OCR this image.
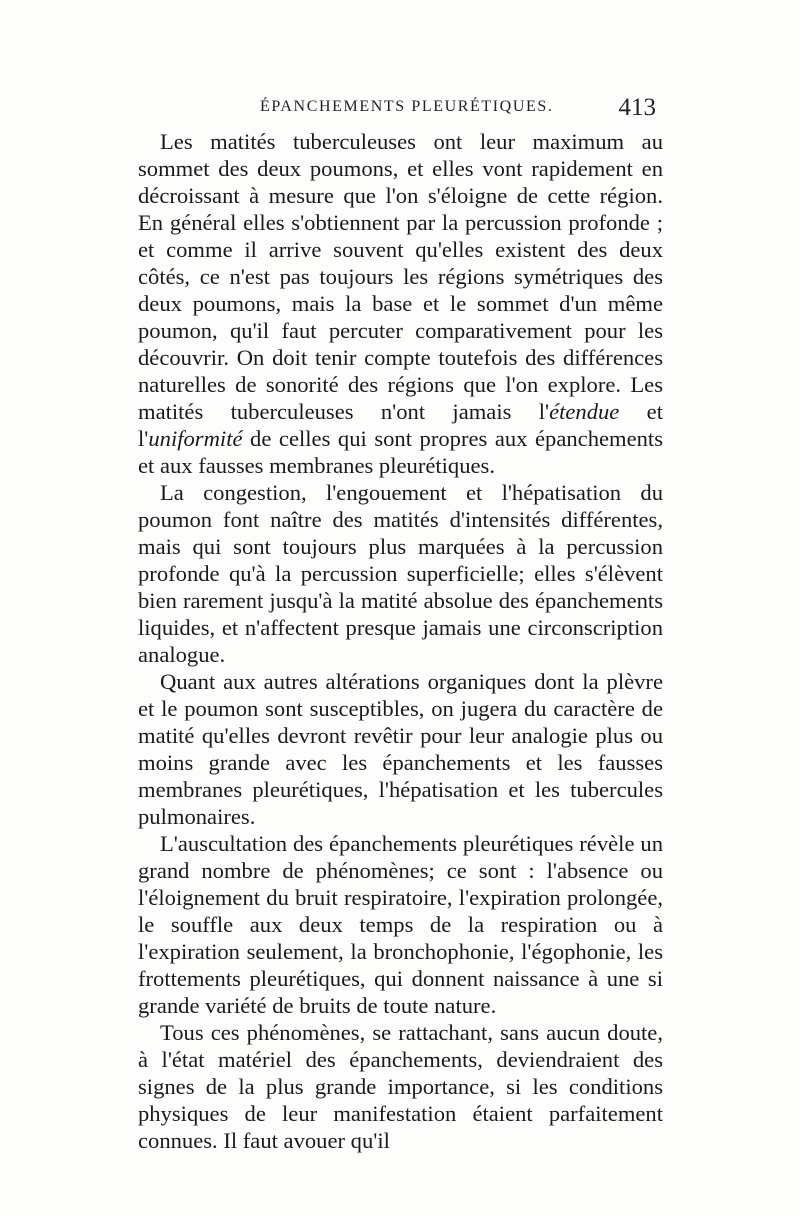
ÉPANCHEMENTS PLEURÉTIQUES.	413

Les matités tuberculeuses ont leur maximum au sommet des deux poumons, et elles vont rapidement en décroissant à mesure que l'on s'éloigne de cette région. En général elles s'obtiennent par la percussion profonde ; et comme il arrive souvent qu'elles existent des deux côtés, ce n'est pas toujours les régions symétriques des deux poumons, mais la base et le sommet d'un même poumon, qu'il faut percuter comparativement pour les découvrir. On doit tenir compte toutefois des différences naturelles de sonorité des régions que l'on explore. Les matités tuberculeuses n'ont jamais l'étendue et l'uniformité de celles qui sont propres aux épanchements et aux fausses membranes pleurétiques.

La congestion, l'engouement et l'hépatisation du poumon font naître des matités d'intensités différentes, mais qui sont toujours plus marquées à la percussion profonde qu'à la percussion superficielle; elles s'élèvent bien rarement jusqu'à la matité absolue des épanchements liquides, et n'affectent presque jamais une circonscription analogue.

Quant aux autres altérations organiques dont la plèvre et le poumon sont susceptibles, on jugera du caractère de matité qu'elles devront revêtir pour leur analogie plus ou moins grande avec les épanchements et les fausses membranes pleurétiques, l'hépatisation et les tubercules pulmonaires.

L'auscultation des épanchements pleurétiques révèle un grand nombre de phénomènes; ce sont : l'absence ou l'éloignement du bruit respiratoire, l'expiration prolongée, le souffle aux deux temps de la respiration ou à l'expiration seulement, la bronchophonie, l'égophonie, les frottements pleurétiques, qui donnent naissance à une si grande variété de bruits de toute nature.

Tous ces phénomènes, se rattachant, sans aucun doute, à l'état matériel des épanchements, deviendraient des signes de la plus grande importance, si les conditions physiques de leur manifestation étaient parfaitement connues. Il faut avouer qu'il
